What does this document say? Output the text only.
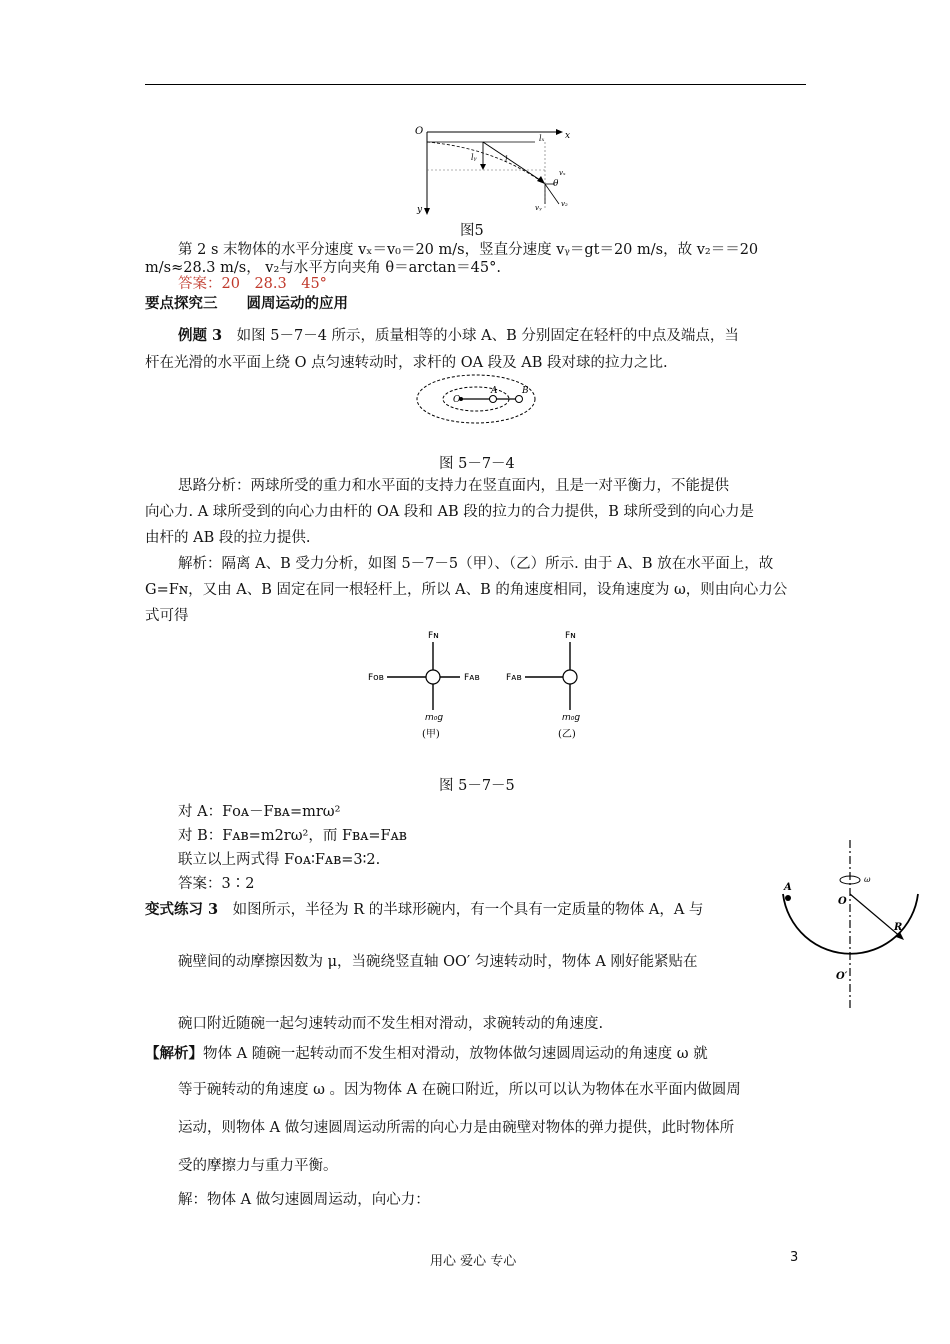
O	x
y
lₓ
lᵧ	l
vₓ
θ
vᵧ	v₂
图5
第 2 s 末物体的水平分速度 vₓ＝v₀＝20 m/s，竖直分速度 vᵧ＝gt＝20 m/s，故 v₂＝＝20
m/s≈28.3 m/s， v₂与水平方向夹角 θ＝arctan＝45°.
答案：20　28.3　45°
要点探究三　　圆周运动的应用
例题 3　如图 5－7－4 所示，质量相等的小球 A、B 分别固定在轻杆的中点及端点，当
杆在光滑的水平面上绕 O 点匀速转动时，求杆的 OA 段及 AB 段对球的拉力之比.
O
A	B
图 5－7－4
思路分析：两球所受的重力和水平面的支持力在竖直面内，且是一对平衡力，不能提供
向心力. A 球所受到的向心力由杆的 OA 段和 AB 段的拉力的合力提供，B 球所受到的向心力是
由杆的 AB 段的拉力提供.
解析：隔离 A、B 受力分析，如图 5－7－5（甲）、（乙）所示. 由于 A、B 放在水平面上，故
G=Fɴ，又由 A、B 固定在同一根轻杆上，所以 A、B 的角速度相同，设角速度为 ω，则由向心力公
式可得
Fɴ
Fᴏʙ	Fᴀʙ
m₀g
(甲)
Fɴ
Fᴀʙ
m₀g
(乙)
图 5－7－5
对 A：Fᴏᴀ－Fʙᴀ=mrω²
对 B：Fᴀʙ=m2rω²，而 Fʙᴀ=Fᴀʙ
联立以上两式得 Fᴏᴀ∶Fᴀʙ=3∶2.
答案：3∶2
变式练习 3　如图所示，半径为 R 的半球形碗内，有一个具有一定质量的物体 A，A 与
碗壁间的动摩擦因数为 μ，当碗绕竖直轴 OO′ 匀速转动时，物体 A 刚好能紧贴在
碗口附近随碗一起匀速转动而不发生相对滑动，求碗转动的角速度.
A
O
R
O′
ω
【解析】物体 A 随碗一起转动而不发生相对滑动，放物体做匀速圆周运动的角速度 ω 就
等于碗转动的角速度 ω 。因为物体 A 在碗口附近，所以可以认为物体在水平面内做圆周
运动，则物体 A 做匀速圆周运动所需的向心力是由碗壁对物体的弹力提供，此时物体所
受的摩擦力与重力平衡。
解：物体 A 做匀速圆周运动，向心力：
用心 爱心 专心	3
